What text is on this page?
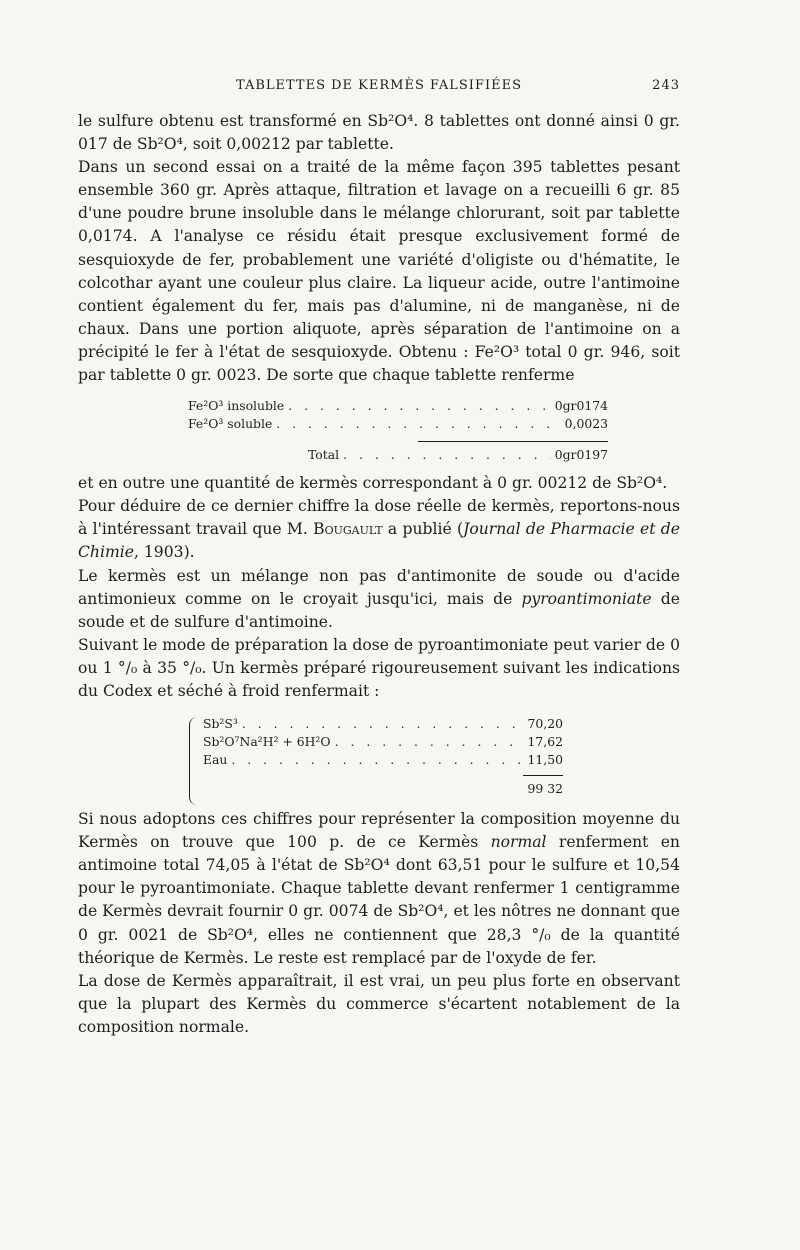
TABLETTES DE KERMÈS FALSIFIÉES	243

le sulfure obtenu est transformé en Sb²O⁴. 8 tablettes ont donné ainsi 0 gr. 017 de Sb²O⁴, soit 0,00212 par tablette.

Dans un second essai on a traité de la même façon 395 tablettes pesant ensemble 360 gr. Après attaque, filtration et lavage on a recueilli 6 gr. 85 d'une poudre brune insoluble dans le mélange chlorurant, soit par tablette 0,0174. A l'analyse ce résidu était presque exclusivement formé de sesquioxyde de fer, probablement une variété d'oligiste ou d'hématite, le colcothar ayant une couleur plus claire. La liqueur acide, outre l'antimoine contient également du fer, mais pas d'alumine, ni de manganèse, ni de chaux. Dans une portion aliquote, après séparation de l'antimoine on a précipité le fer à l'état de sesquioxyde. Obtenu : Fe²O³ total 0 gr. 946, soit par tablette 0 gr. 0023. De sorte que chaque tablette renferme

Fe²O³ insoluble . . .	0gr0174
Fe²O³ soluble . . .	0,0023
Total . . .	0gr0197

et en outre une quantité de kermès correspondant à 0 gr. 00212 de Sb²O⁴.

Pour déduire de ce dernier chiffre la dose réelle de kermès, reportons-nous à l'intéressant travail que M. Bougault a publié (Journal de Pharmacie et de Chimie, 1903).

Le kermès est un mélange non pas d'antimonite de soude ou d'acide antimonieux comme on le croyait jusqu'ici, mais de pyroantimoniate de soude et de sulfure d'antimoine.

Suivant le mode de préparation la dose de pyroantimoniate peut varier de 0 ou 1 °/₀ à 35 °/₀. Un kermès préparé rigoureusement suivant les indications du Codex et séché à froid renfermait :

Sb²S³ . . .	70,20
Sb²O⁷Na²H² + 6H²O . . .	17,62
Eau . . .	11,50
99 32

Si nous adoptons ces chiffres pour représenter la composition moyenne du Kermès on trouve que 100 p. de ce Kermès normal renferment en antimoine total 74,05 à l'état de Sb²O⁴ dont 63,51 pour le sulfure et 10,54 pour le pyroantimoniate. Chaque tablette devant renfermer 1 centigramme de Kermès devrait fournir 0 gr. 0074 de Sb²O⁴, et les nôtres ne donnant que 0 gr. 0021 de Sb²O⁴, elles ne contiennent que 28,3 °/₀ de la quantité théorique de Kermès. Le reste est remplacé par de l'oxyde de fer.

La dose de Kermès apparaîtrait, il est vrai, un peu plus forte en observant que la plupart des Kermès du commerce s'écartent notablement de la composition normale.
